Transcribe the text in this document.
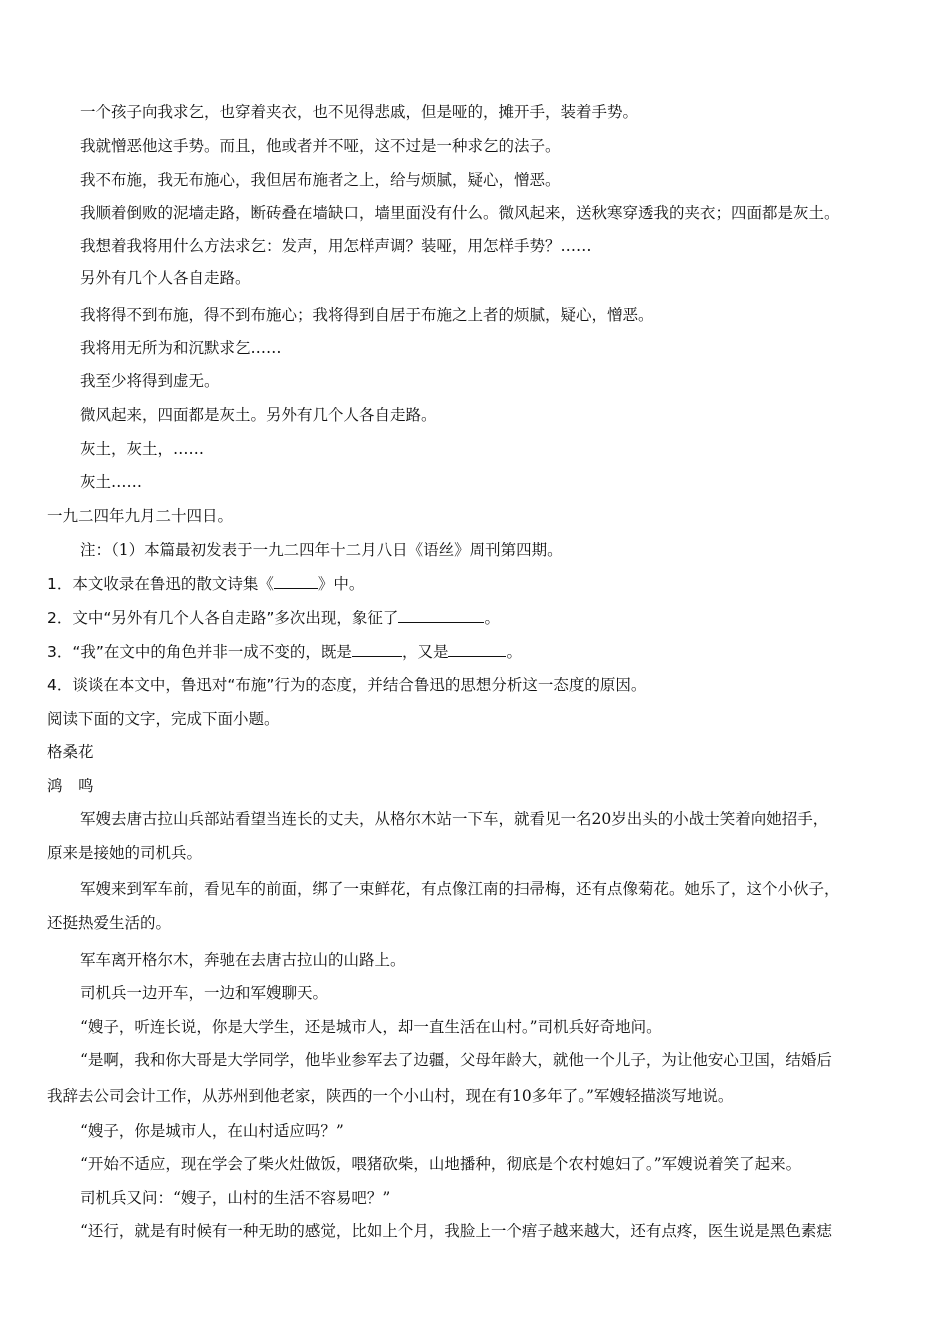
一个孩子向我求乞，也穿着夹衣，也不见得悲戚，但是哑的，摊开手，装着手势。
我就憎恶他这手势。而且，他或者并不哑，这不过是一种求乞的法子。
我不布施，我无布施心，我但居布施者之上，给与烦腻，疑心，憎恶。
我顺着倒败的泥墙走路，断砖叠在墙缺口，墙里面没有什么。微风起来，送秋寒穿透我的夹衣；四面都是灰土。
我想着我将用什么方法求乞：发声，用怎样声调？装哑，用怎样手势？……
另外有几个人各自走路。
我将得不到布施，得不到布施心；我将得到自居于布施之上者的烦腻，疑心，憎恶。
我将用无所为和沉默求乞……
我至少将得到虚无。
微风起来，四面都是灰土。另外有几个人各自走路。
灰土，灰土，……
灰土……
一九二四年九月二十四日。
注：（1）本篇最初发表于一九二四年十二月八日《语丝》周刊第四期。
1．本文收录在鲁迅的散文诗集《	》中。
2．文中“另外有几个人各自走路”多次出现，象征了	。
3．“我”在文中的角色并非一成不变的，既是	，又是	。
4．谈谈在本文中，鲁迅对“布施”行为的态度，并结合鲁迅的思想分析这一态度的原因。
阅读下面的文字，完成下面小题。
格桑花
鸿　鸣
军嫂去唐古拉山兵部站看望当连长的丈夫，从格尔木站一下车，就看见一名20岁出头的小战士笑着向她招手，
原来是接她的司机兵。
军嫂来到军车前，看见车的前面，绑了一束鲜花，有点像江南的扫帚梅，还有点像菊花。她乐了，这个小伙子，
还挺热爱生活的。
军车离开格尔木，奔驰在去唐古拉山的山路上。
司机兵一边开车，一边和军嫂聊天。
“嫂子，听连长说，你是大学生，还是城市人，却一直生活在山村。”司机兵好奇地问。
“是啊，我和你大哥是大学同学，他毕业参军去了边疆，父母年龄大，就他一个儿子，为让他安心卫国，结婚后
我辞去公司会计工作，从苏州到他老家，陕西的一个小山村，现在有10多年了。”军嫂轻描淡写地说。
“嫂子，你是城市人，在山村适应吗？”
“开始不适应，现在学会了柴火灶做饭，喂猪砍柴，山地播种，彻底是个农村媳妇了。”军嫂说着笑了起来。
司机兵又问：“嫂子，山村的生活不容易吧？”
“还行，就是有时候有一种无助的感觉，比如上个月，我脸上一个痦子越来越大，还有点疼，医生说是黑色素痣
